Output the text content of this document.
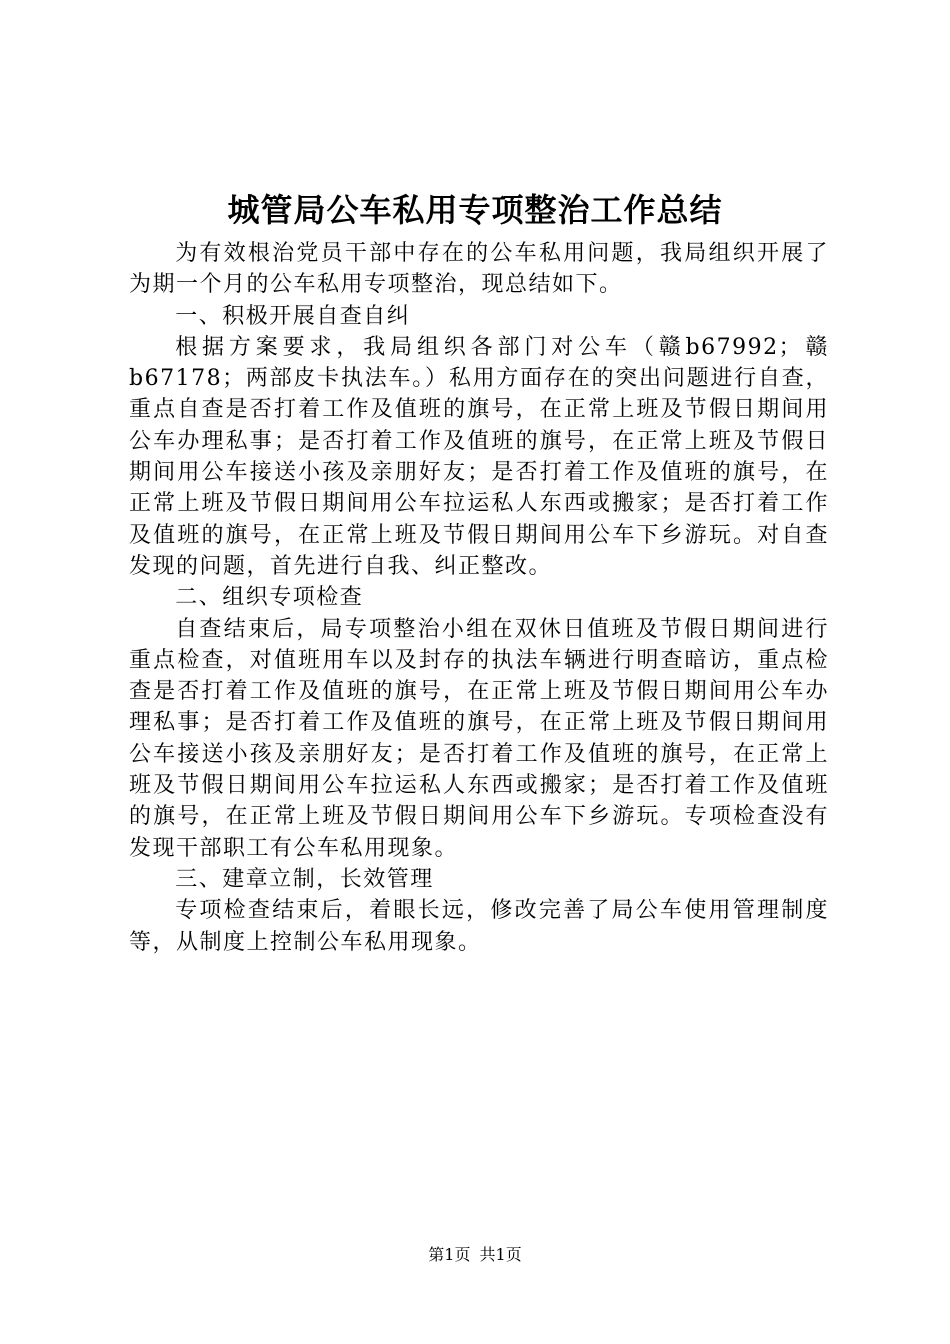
城管局公车私用专项整治工作总结

为有效根治党员干部中存在的公车私用问题，我局组织开展了为期一个月的公车私用专项整治，现总结如下。

一、积极开展自查自纠

根据方案要求，我局组织各部门对公车（赣b67992；赣b67178；两部皮卡执法车。）私用方面存在的突出问题进行自查，重点自查是否打着工作及值班的旗号，在正常上班及节假日期间用公车办理私事；是否打着工作及值班的旗号，在正常上班及节假日期间用公车接送小孩及亲朋好友；是否打着工作及值班的旗号，在正常上班及节假日期间用公车拉运私人东西或搬家；是否打着工作及值班的旗号，在正常上班及节假日期间用公车下乡游玩。对自查发现的问题，首先进行自我、纠正整改。

二、组织专项检查

自查结束后，局专项整治小组在双休日值班及节假日期间进行重点检查，对值班用车以及封存的执法车辆进行明查暗访，重点检查是否打着工作及值班的旗号，在正常上班及节假日期间用公车办理私事；是否打着工作及值班的旗号，在正常上班及节假日期间用公车接送小孩及亲朋好友；是否打着工作及值班的旗号，在正常上班及节假日期间用公车拉运私人东西或搬家；是否打着工作及值班的旗号，在正常上班及节假日期间用公车下乡游玩。专项检查没有发现干部职工有公车私用现象。

三、建章立制，长效管理

专项检查结束后，着眼长远，修改完善了局公车使用管理制度等，从制度上控制公车私用现象。

第1页 共1页
